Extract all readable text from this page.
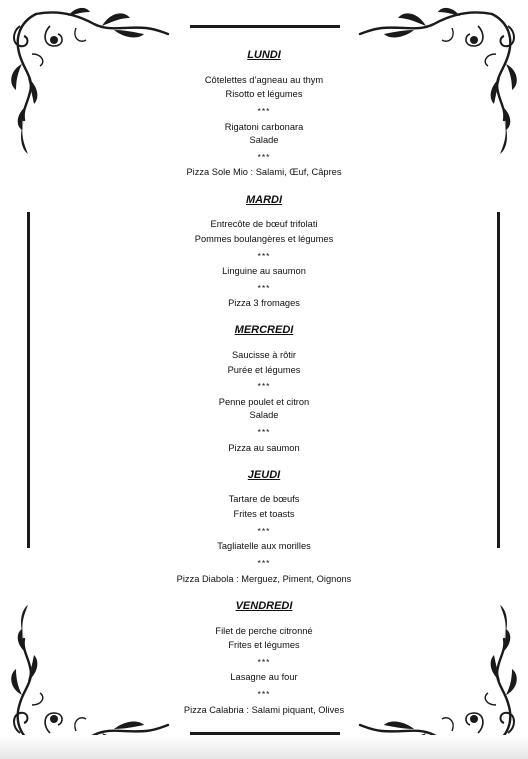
LUNDI
Côtelettes d’agneau au thym
Risotto et légumes
***
Rigatoni carbonara
Salade
***
Pizza Sole Mio : Salami, Œuf, Câpres
MARDI
Entrecôte de bœuf trifolati
Pommes boulangères et légumes
***
Linguine au saumon
***
Pizza 3 fromages
MERCREDI
Saucisse à rôtir
Purée et légumes
***
Penne poulet et citron
Salade
***
Pizza au saumon
JEUDI
Tartare de bœufs
Frites et toasts
***
Tagliatelle aux morilles
***
Pizza Diabola : Merguez, Piment, Oignons
VENDREDI
Filet de perche citronné
Frites et légumes
***
Lasagne au four
***
Pizza Calabria : Salami piquant, Olives
